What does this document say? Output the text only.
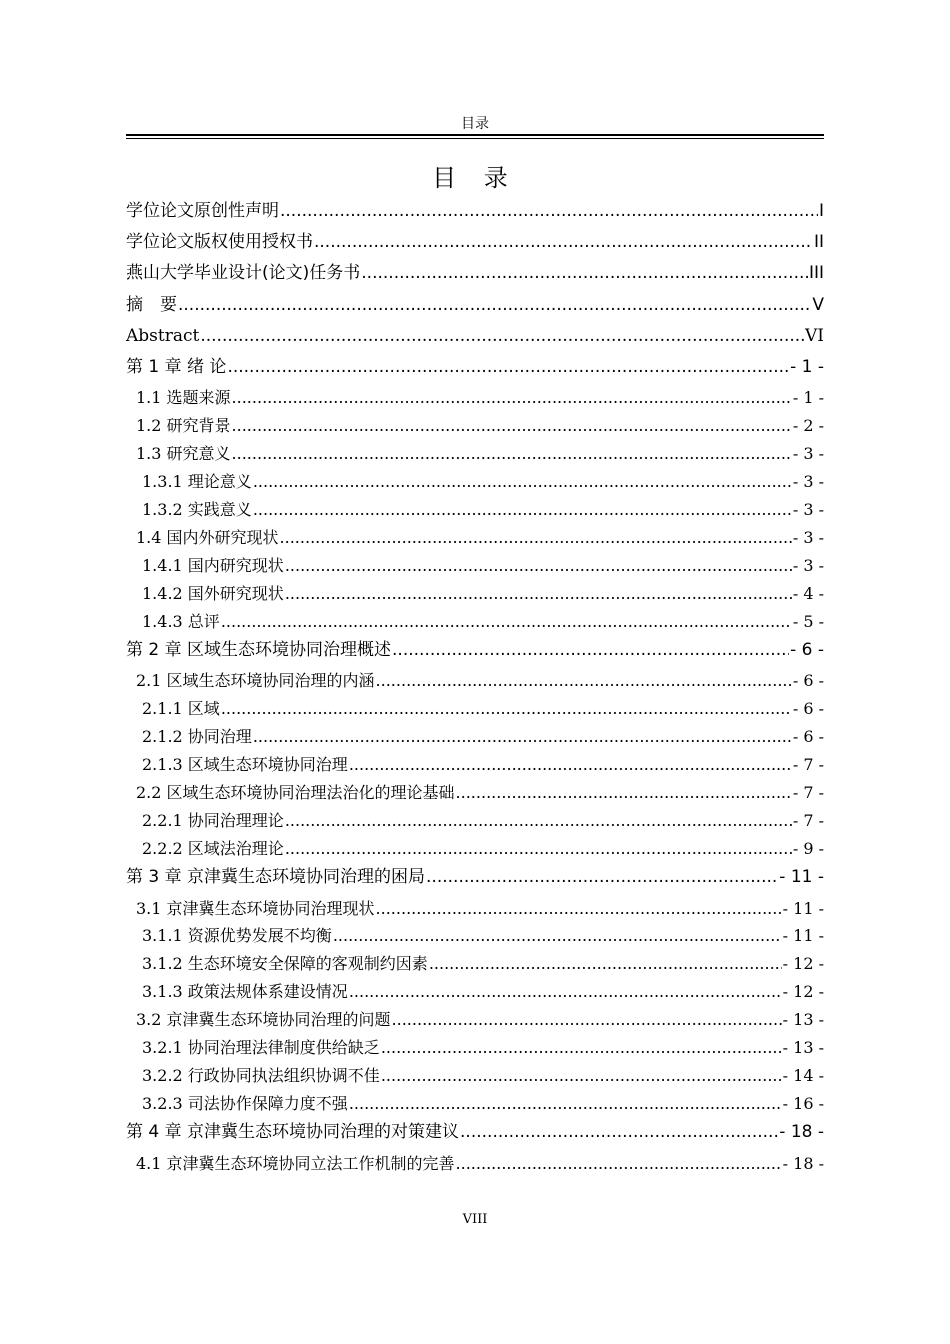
目录
目 录
学位论文原创性声明 .....	I
学位论文版权使用授权书 .....	II
燕山大学毕业设计(论文)任务书 .....	III
摘　要 .....	V
Abstract .....	VI
第 1 章 绪 论 .....	- 1 -
1.1 选题来源 .....	- 1 -
1.2 研究背景 .....	- 2 -
1.3 研究意义 .....	- 3 -
1.3.1 理论意义 .....	- 3 -
1.3.2 实践意义 .....	- 3 -
1.4 国内外研究现状 .....	- 3 -
1.4.1 国内研究现状 .....	- 3 -
1.4.2 国外研究现状 .....	- 4 -
1.4.3 总评 .....	- 5 -
第 2 章 区域生态环境协同治理概述 .....	- 6 -
2.1 区域生态环境协同治理的内涵 .....	- 6 -
2.1.1 区域 .....	- 6 -
2.1.2 协同治理 .....	- 6 -
2.1.3 区域生态环境协同治理 .....	- 7 -
2.2 区域生态环境协同治理法治化的理论基础 .....	- 7 -
2.2.1 协同治理理论 .....	- 7 -
2.2.2 区域法治理论 .....	- 9 -
第 3 章 京津冀生态环境协同治理的困局 .....	- 11 -
3.1 京津冀生态环境协同治理现状 .....	- 11 -
3.1.1 资源优势发展不均衡 .....	- 11 -
3.1.2 生态环境安全保障的客观制约因素 .....	- 12 -
3.1.3 政策法规体系建设情况 .....	- 12 -
3.2 京津冀生态环境协同治理的问题 .....	- 13 -
3.2.1 协同治理法律制度供给缺乏 .....	- 13 -
3.2.2 行政协同执法组织协调不佳 .....	- 14 -
3.2.3 司法协作保障力度不强 .....	- 16 -
第 4 章 京津冀生态环境协同治理的对策建议 .....	- 18 -
4.1 京津冀生态环境协同立法工作机制的完善 .....	- 18 -
VIII
